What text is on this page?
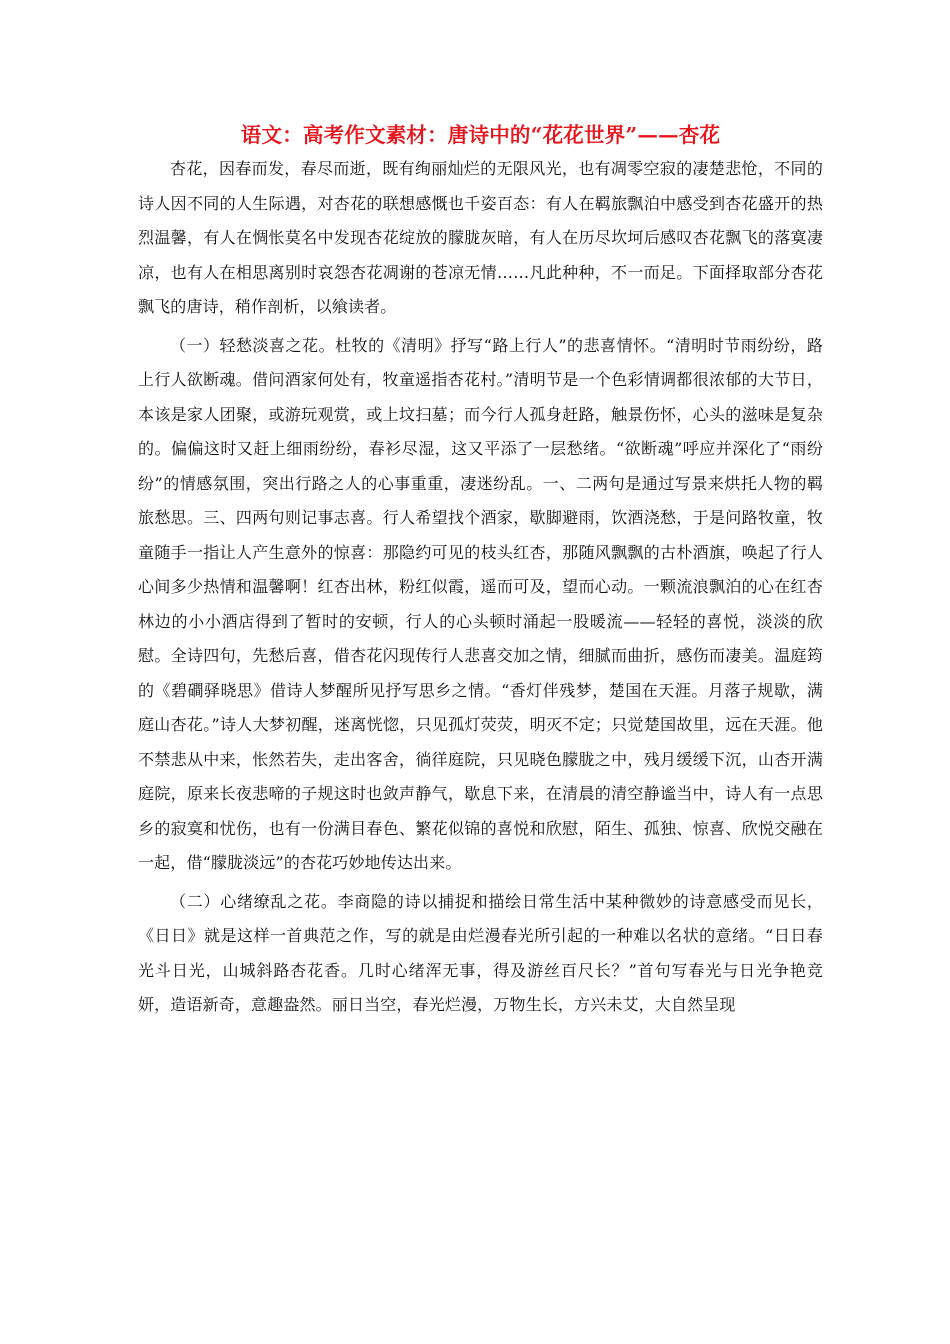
语文：高考作文素材：唐诗中的“花花世界”——杏花

杏花，因春而发，春尽而逝，既有绚丽灿烂的无限风光，也有凋零空寂的凄楚悲怆，不同的诗人因不同的人生际遇，对杏花的联想感慨也千姿百态：有人在羁旅飘泊中感受到杏花盛开的热烈温馨，有人在惆怅莫名中发现杏花绽放的朦胧灰暗，有人在历尽坎坷后感叹杏花飘飞的落寞凄凉，也有人在相思离别时哀怨杏花凋谢的苍凉无情……凡此种种，不一而足。下面择取部分杏花飘飞的唐诗，稍作剖析，以飨读者。

（一）轻愁淡喜之花。杜牧的《清明》抒写“路上行人”的悲喜情怀。“清明时节雨纷纷，路上行人欲断魂。借问酒家何处有，牧童遥指杏花村。”清明节是一个色彩情调都很浓郁的大节日，本该是家人团聚，或游玩观赏，或上坟扫墓；而今行人孤身赶路，触景伤怀，心头的滋味是复杂的。偏偏这时又赶上细雨纷纷，春衫尽湿，这又平添了一层愁绪。“欲断魂”呼应并深化了“雨纷纷”的情感氛围，突出行路之人的心事重重，凄迷纷乱。一、二两句是通过写景来烘托人物的羁旅愁思。三、四两句则记事志喜。行人希望找个酒家，歇脚避雨，饮酒浇愁，于是问路牧童，牧童随手一指让人产生意外的惊喜：那隐约可见的枝头红杏，那随风飘飘的古朴酒旗，唤起了行人心间多少热情和温馨啊！红杏出林，粉红似霞，遥而可及，望而心动。一颗流浪飘泊的心在红杏林边的小小酒店得到了暂时的安顿，行人的心头顿时涌起一股暖流——轻轻的喜悦，淡淡的欣慰。全诗四句，先愁后喜，借杏花闪现传行人悲喜交加之情，细腻而曲折，感伤而凄美。温庭筠的《碧磵驿晓思》借诗人梦醒所见抒写思乡之情。“香灯伴残梦，楚国在天涯。月落子规歇，满庭山杏花。”诗人大梦初醒，迷离恍惚，只见孤灯荧荧，明灭不定；只觉楚国故里，远在天涯。他不禁悲从中来，怅然若失，走出客舍，徜徉庭院，只见晓色朦胧之中，残月缓缓下沉，山杏开满庭院，原来长夜悲啼的子规这时也敛声静气，歇息下来，在清晨的清空静谧当中，诗人有一点思乡的寂寞和忧伤，也有一份满目春色、繁花似锦的喜悦和欣慰，陌生、孤独、惊喜、欣悦交融在一起，借“朦胧淡远”的杏花巧妙地传达出来。

（二）心绪缭乱之花。李商隐的诗以捕捉和描绘日常生活中某种微妙的诗意感受而见长，《日日》就是这样一首典范之作，写的就是由烂漫春光所引起的一种难以名状的意绪。“日日春光斗日光，山城斜路杏花香。几时心绪浑无事，得及游丝百尺长？”首句写春光与日光争艳竞妍，造语新奇，意趣盎然。丽日当空，春光烂漫，万物生长，方兴未艾，大自然呈现
